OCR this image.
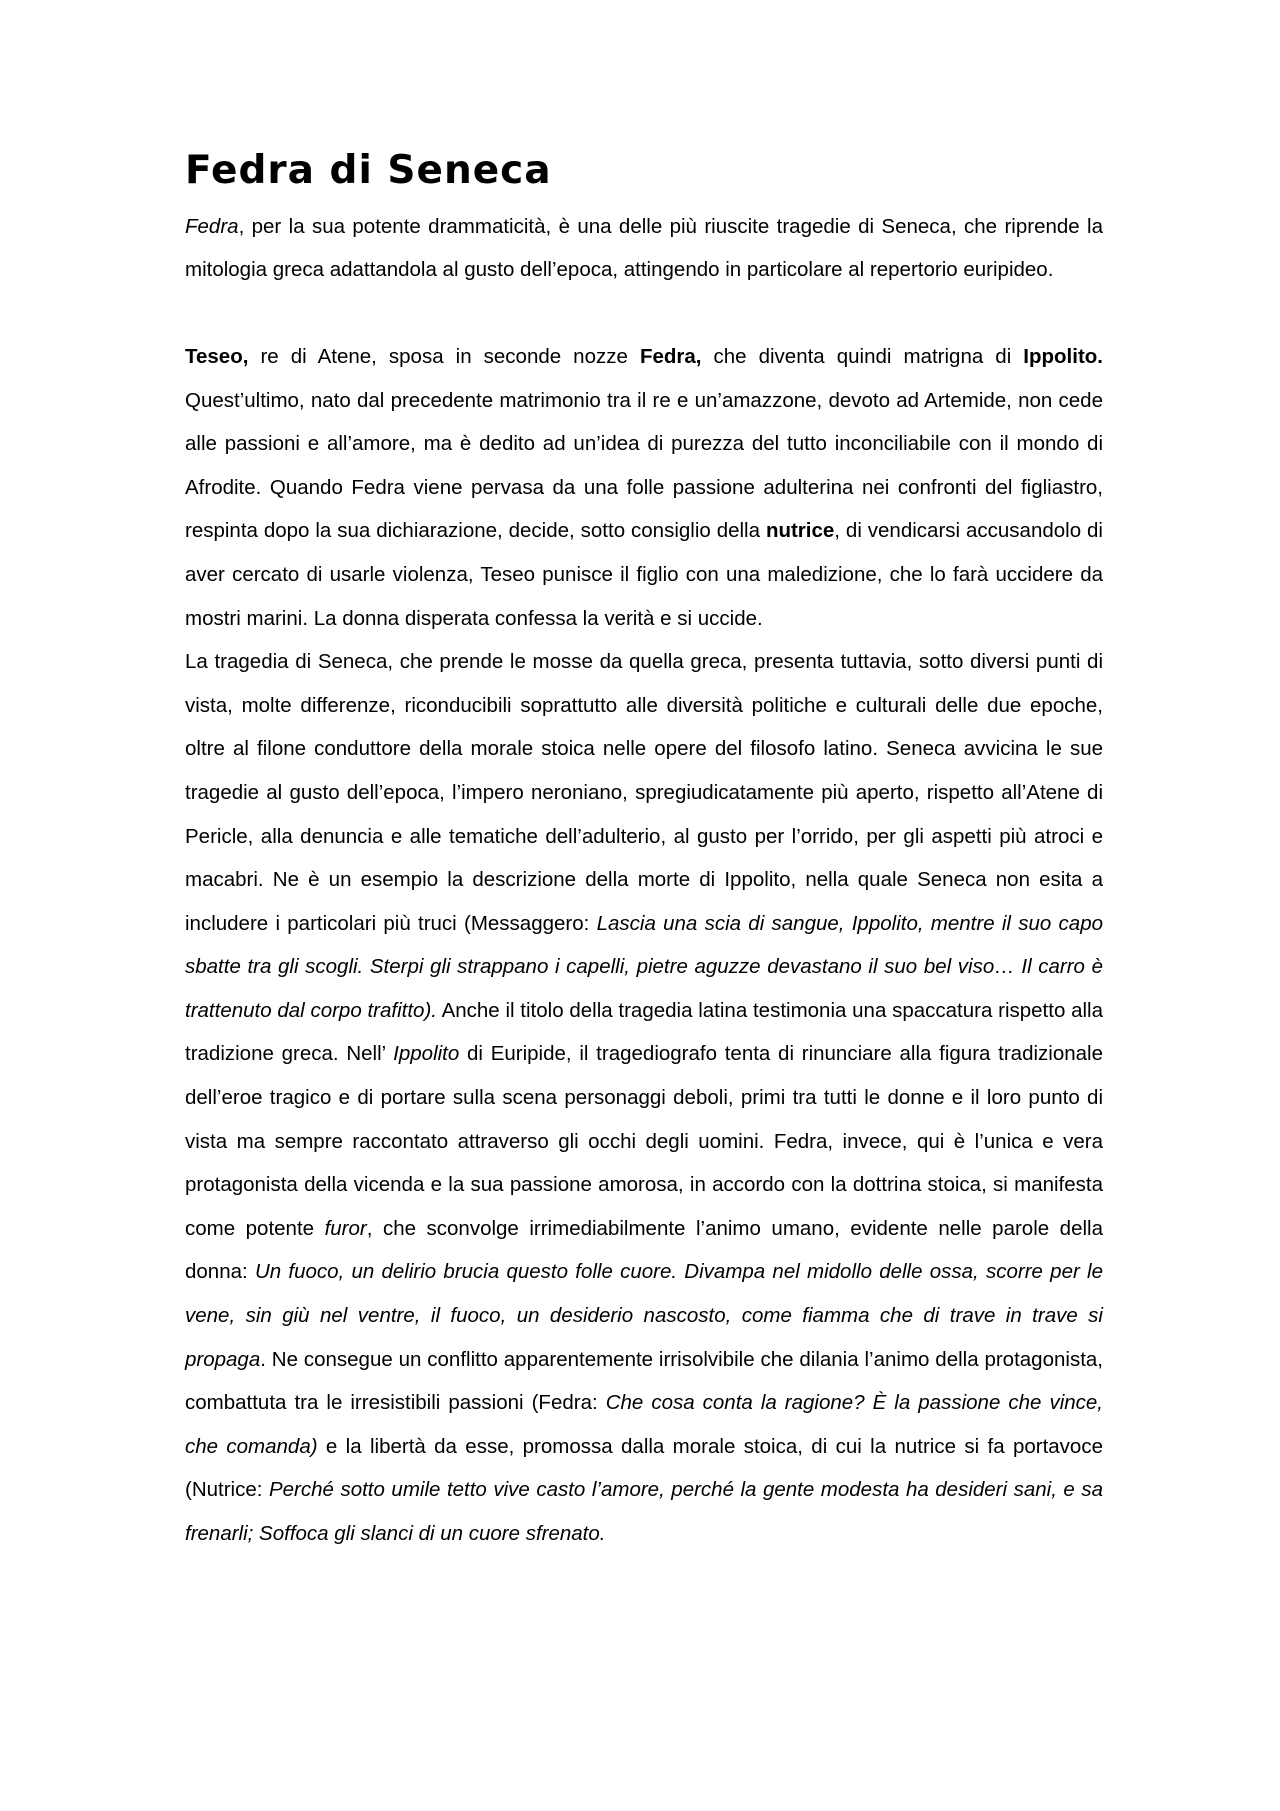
Fedra di Seneca

Fedra, per la sua potente drammaticità, è una delle più riuscite tragedie di Seneca, che riprende la mitologia greca adattandola al gusto dell’epoca, attingendo in particolare al repertorio euripideo.

Teseo, re di Atene, sposa in seconde nozze Fedra, che diventa quindi matrigna di Ippolito. Quest’ultimo, nato dal precedente matrimonio tra il re e un’amazzone, devoto ad Artemide, non cede alle passioni e all’amore, ma è dedito ad un’idea di purezza del tutto inconciliabile con il mondo di Afrodite. Quando Fedra viene pervasa da una folle passione adulterina nei confronti del figliastro, respinta dopo la sua dichiarazione, decide, sotto consiglio della nutrice, di vendicarsi accusandolo di aver cercato di usarle violenza, Teseo punisce il figlio con una maledizione, che lo farà uccidere da mostri marini. La donna disperata confessa la verità e si uccide.

La tragedia di Seneca, che prende le mosse da quella greca, presenta tuttavia, sotto diversi punti di vista, molte differenze, riconducibili soprattutto alle diversità politiche e culturali delle due epoche, oltre al filone conduttore della morale stoica nelle opere del filosofo latino. Seneca avvicina le sue tragedie al gusto dell’epoca, l’impero neroniano, spregiudicatamente più aperto, rispetto all’Atene di Pericle, alla denuncia e alle tematiche dell’adulterio, al gusto per l’orrido, per gli aspetti più atroci e macabri. Ne è un esempio la descrizione della morte di Ippolito, nella quale Seneca non esita a includere i particolari più truci (Messaggero: Lascia una scia di sangue, Ippolito, mentre il suo capo sbatte tra gli scogli. Sterpi gli strappano i capelli, pietre aguzze devastano il suo bel viso… Il carro è trattenuto dal corpo trafitto). Anche il titolo della tragedia latina testimonia una spaccatura rispetto alla tradizione greca. Nell’ Ippolito di Euripide, il tragediografo tenta di rinunciare alla figura tradizionale dell’eroe tragico e di portare sulla scena personaggi deboli, primi tra tutti le donne e il loro punto di vista ma sempre raccontato attraverso gli occhi degli uomini. Fedra, invece, qui è l’unica e vera protagonista della vicenda e la sua passione amorosa, in accordo con la dottrina stoica, si manifesta come potente furor, che sconvolge irrimediabilmente l’animo umano, evidente nelle parole della donna: Un fuoco, un delirio brucia questo folle cuore. Divampa nel midollo delle ossa, scorre per le vene, sin giù nel ventre, il fuoco, un desiderio nascosto, come fiamma che di trave in trave si propaga. Ne consegue un conflitto apparentemente irrisolvibile che dilania l’animo della protagonista, combattuta tra le irresistibili passioni (Fedra: Che cosa conta la ragione? È la passione che vince, che comanda) e la libertà da esse, promossa dalla morale stoica, di cui la nutrice si fa portavoce (Nutrice: Perché sotto umile tetto vive casto l’amore, perché la gente modesta ha desideri sani, e sa frenarli; Soffoca gli slanci di un cuore sfrenato.
